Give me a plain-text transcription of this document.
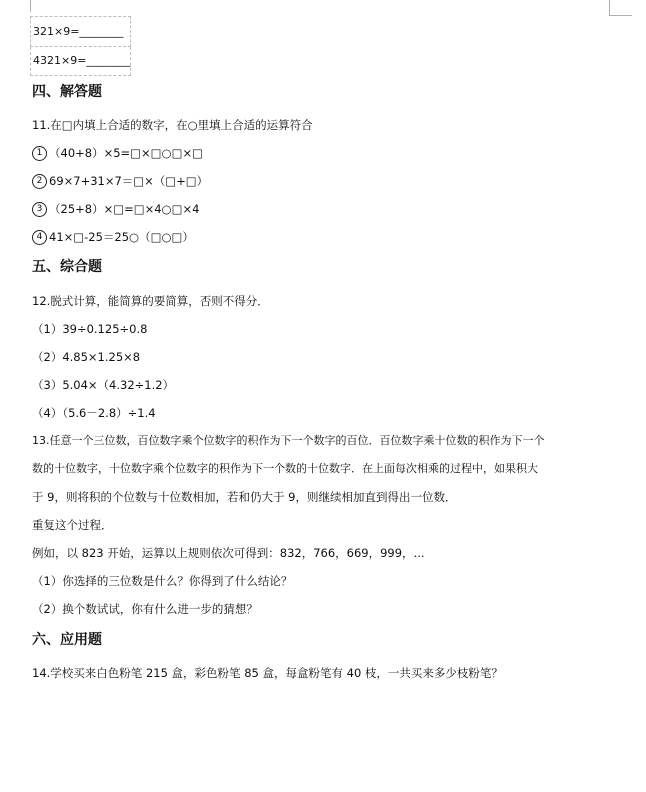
321×9=________
4321×9=________
四、解答题
11.在□内填上合适的数字，在○里填上合适的运算符合
1 （40+8）×5=□×□○□×□
2 69×7+31×7＝□×（□+□）
3 （25+8）×□=□×4○□×4
4 41×□-25＝25○（□○□）
五、综合题
12.脱式计算，能简算的要简算，否则不得分．
（1）39÷0.125÷0.8
（2）4.85×1.25×8
（3）5.04×（4.32÷1.2）
（4）（5.6－2.8）÷1.4
13.任意一个三位数，百位数字乘个位数字的积作为下一个数字的百位．百位数字乘十位数的积作为下一个
数的十位数字，十位数字乘个位数字的积作为下一个数的十位数字．在上面每次相乘的过程中，如果积大
于 9，则将积的个位数与十位数相加，若和仍大于 9，则继续相加直到得出一位数．
重复这个过程．
例如，以 823 开始，运算以上规则依次可得到：832，766，669，999，...
（1）你选择的三位数是什么？你得到了什么结论？
（2）换个数试试，你有什么进一步的猜想？
六、应用题
14.学校买来白色粉笔 215 盒，彩色粉笔 85 盒，每盒粉笔有 40 枝，一共买来多少枝粉笔？
